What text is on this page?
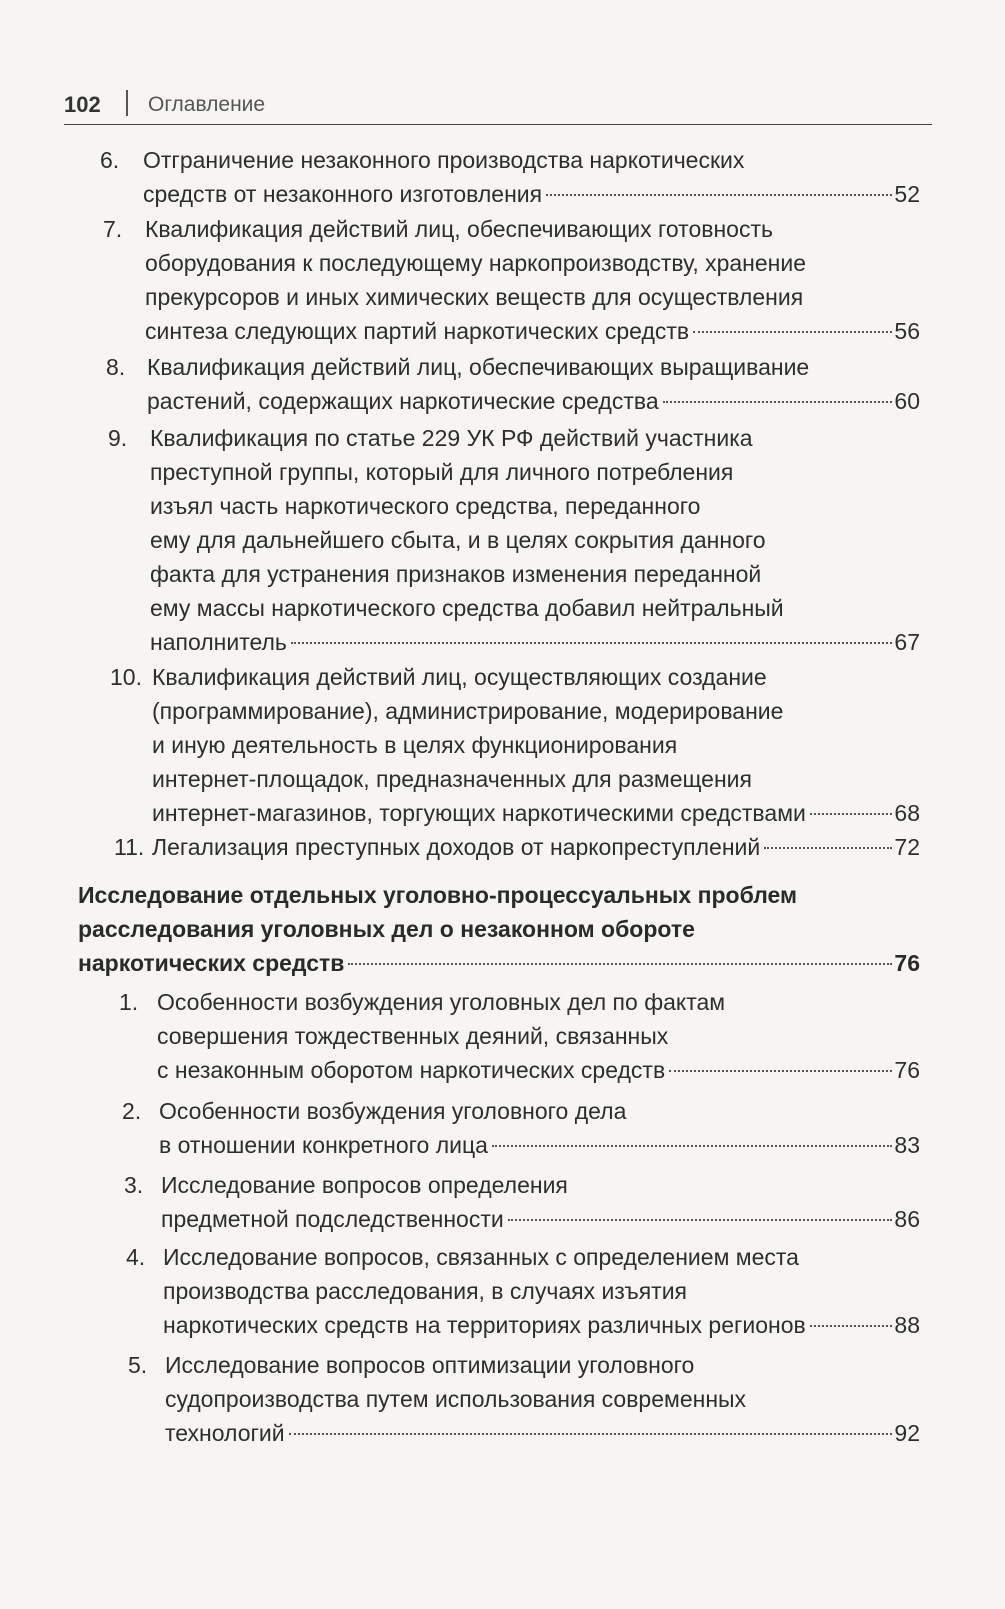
102 Оглавление
6. Отграничение незаконного производства наркотических
средств от незаконного изготовления	52
7. Квалификация действий лиц, обеспечивающих готовность
оборудования к последующему наркопроизводству, хранение
прекурсоров и иных химических веществ для осуществления
синтеза следующих партий наркотических средств	56
8. Квалификация действий лиц, обеспечивающих выращивание
растений, содержащих наркотические средства	60
9. Квалификация по статье 229 УК РФ действий участника
преступной группы, который для личного потребления
изъял часть наркотического средства, переданного
ему для дальнейшего сбыта, и в целях сокрытия данного
факта для устранения признаков изменения переданной
ему массы наркотического средства добавил нейтральный
наполнитель	67
10. Квалификация действий лиц, осуществляющих создание
(программирование), администрирование, модерирование
и иную деятельность в целях функционирования
интернет-площадок, предназначенных для размещения
интернет-магазинов, торгующих наркотическими средствами	68
11. Легализация преступных доходов от наркопреступлений	72
Исследование отдельных уголовно-процессуальных проблем
расследования уголовных дел о незаконном обороте
наркотических средств	76
1. Особенности возбуждения уголовных дел по фактам
совершения тождественных деяний, связанных
с незаконным оборотом наркотических средств	76
2. Особенности возбуждения уголовного дела
в отношении конкретного лица	83
3. Исследование вопросов определения
предметной подследственности	86
4. Исследование вопросов, связанных с определением места
производства расследования, в случаях изъятия
наркотических средств на территориях различных регионов	88
5. Исследование вопросов оптимизации уголовного
судопроизводства путем использования современных
технологий	92
